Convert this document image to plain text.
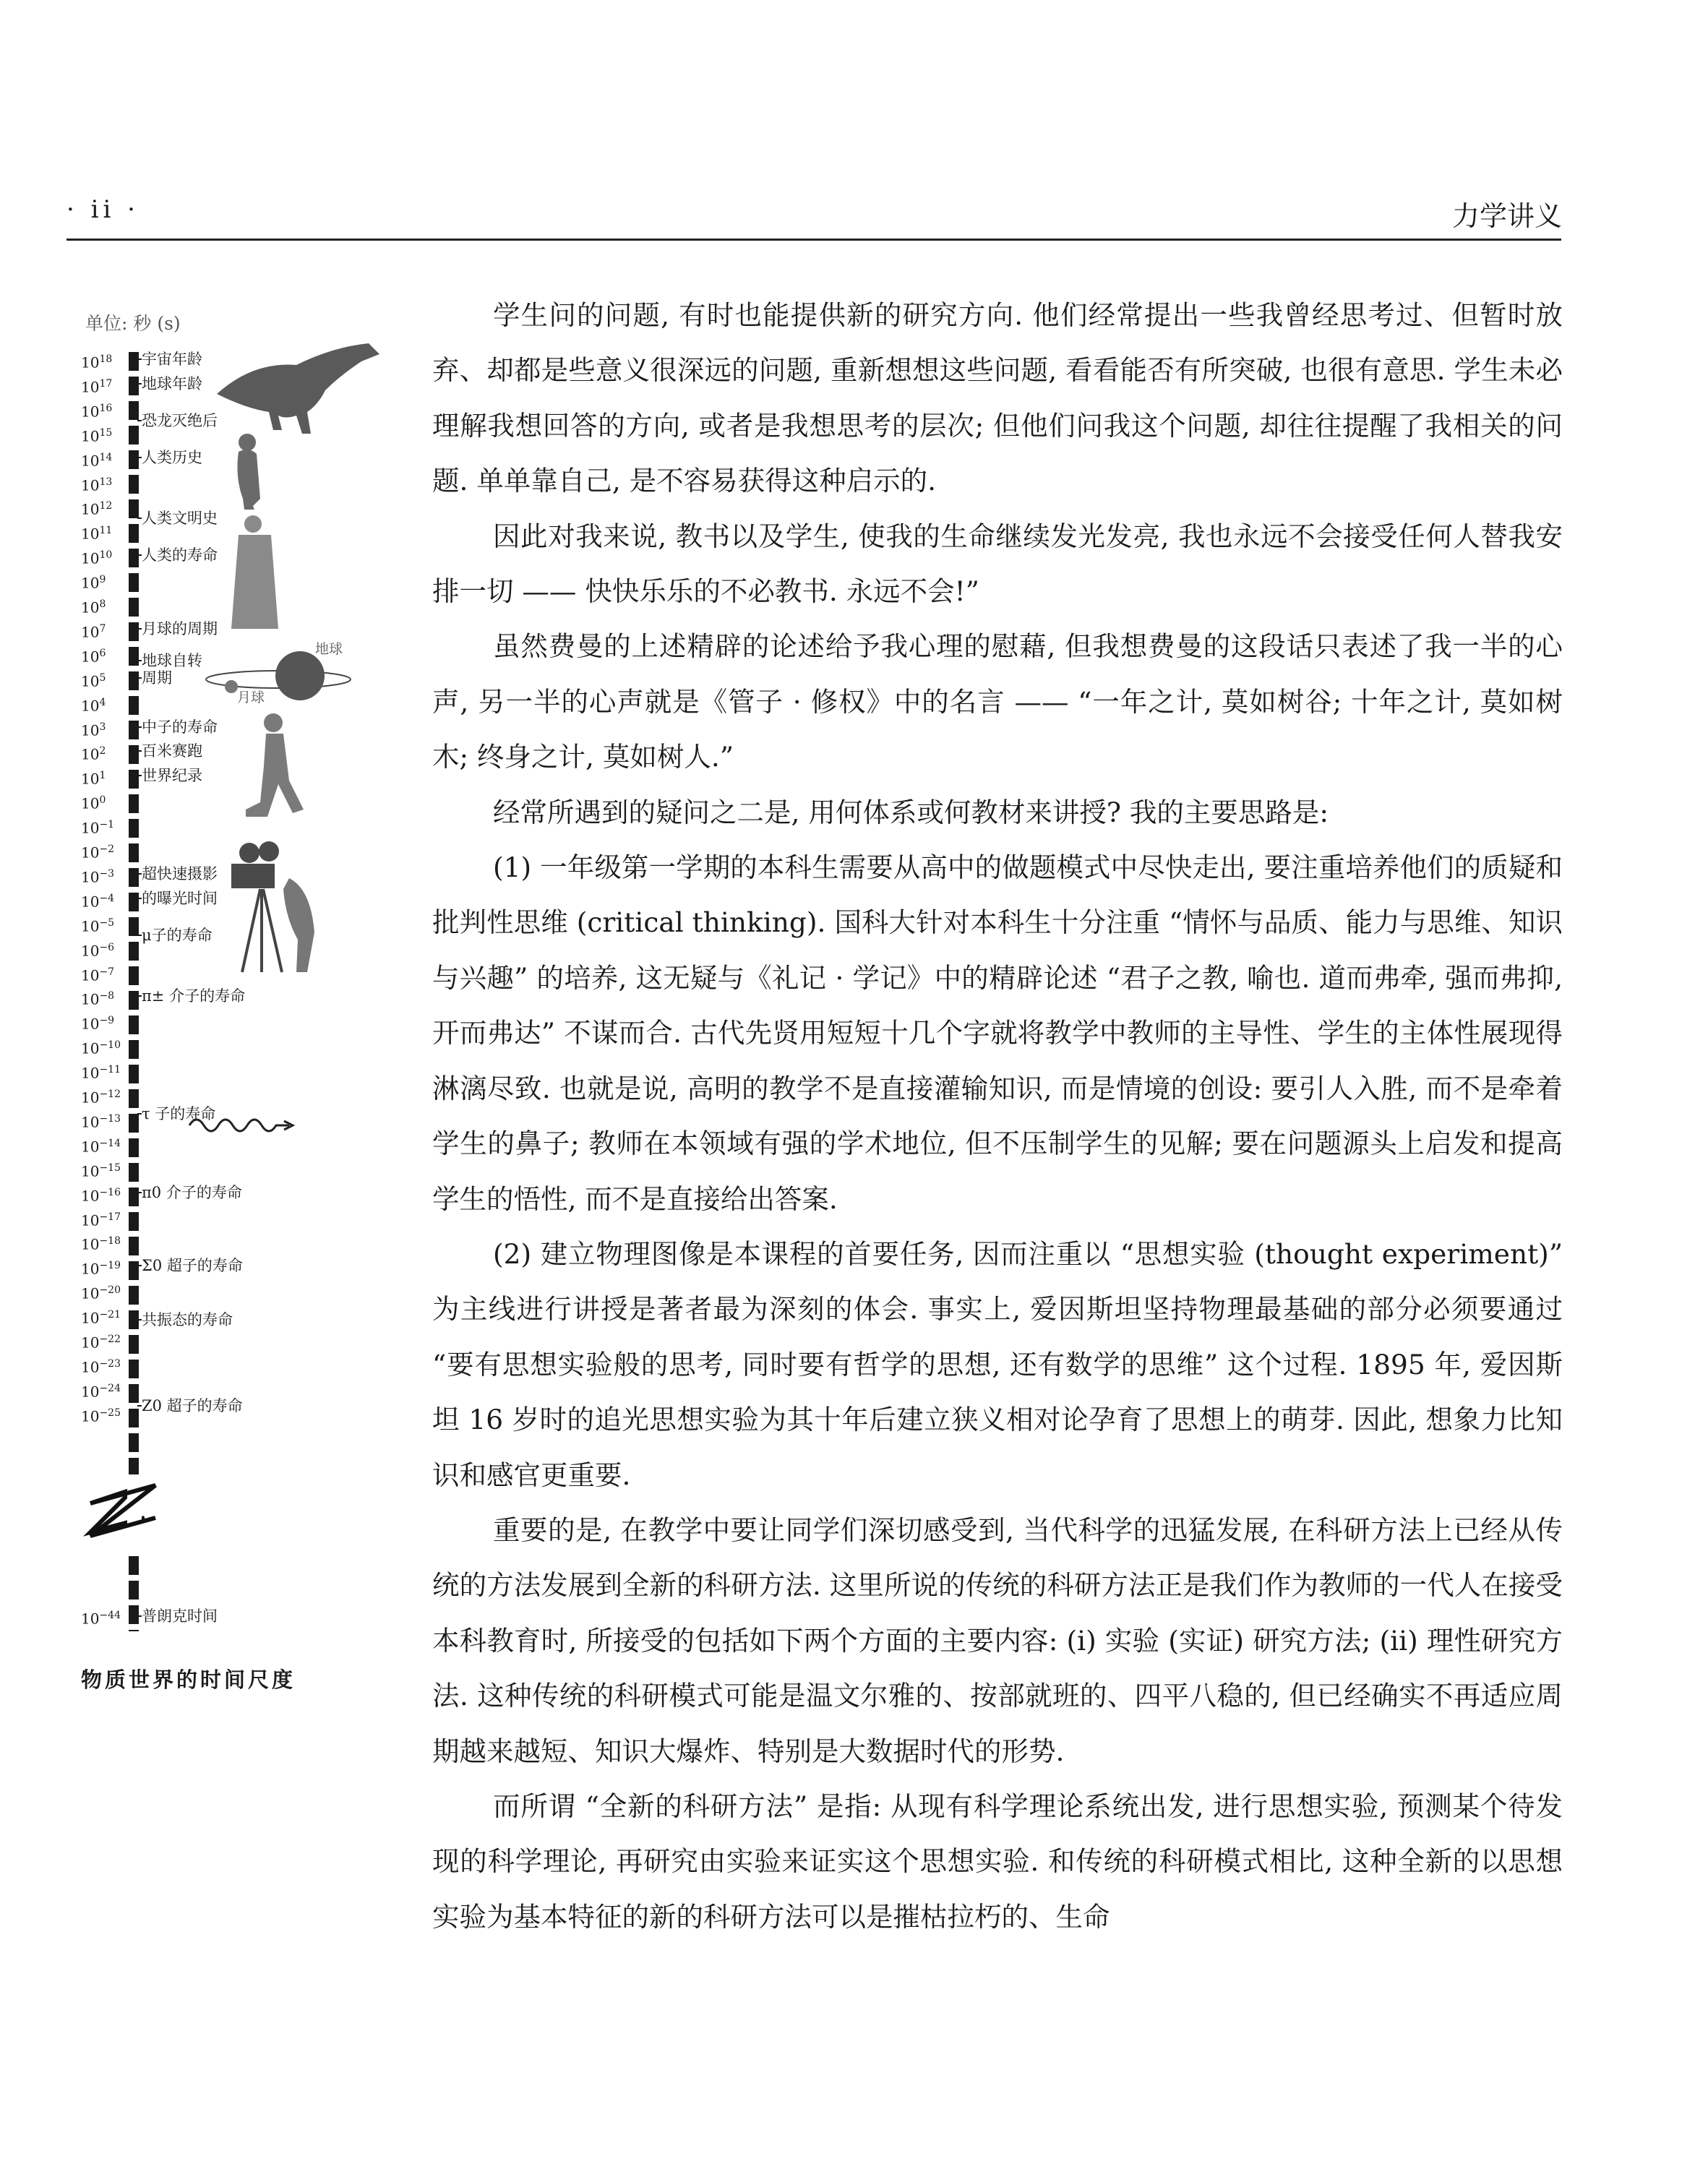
· ii ·	力学讲义
单位: 秒 (s)
$10^{18}$
$10^{17}$
$10^{16}$
$10^{15}$
$10^{14}$
$10^{13}$
$10^{12}$
$10^{11}$
$10^{10}$
$10^9$
$10^8$
$10^7$
$10^6$
$10^5$
$10^4$
$10^3$
$10^2$
$10^1$
$10^0$
$10^{-1}$
$10^{-2}$
$10^{-3}$
$10^{-4}$
$10^{-5}$
$10^{-6}$
$10^{-7}$
$10^{-8}$
$10^{-9}$
$10^{-10}$
$10^{-11}$
$10^{-12}$
$10^{-13}$
$10^{-14}$
$10^{-15}$
$10^{-16}$
$10^{-17}$
$10^{-18}$
$10^{-19}$
$10^{-20}$
$10^{-21}$
$10^{-22}$
$10^{-23}$
$10^{-24}$
$10^{-25}$
$10^{-44}$
宇宙年龄
地球年龄
恐龙灭绝后
人类历史
人类文明史
人类的寿命
月球的周期
地球自转
周期
中子的寿命
百米赛跑
世界纪录
超快速摄影
的曝光时间
μ子的寿命
π± 介子的寿命
τ 子的寿命
π0 介子的寿命
Σ0 超子的寿命
共振态的寿命
Z0 超子的寿命
普朗克时间
地球
月球
物质世界的时间尺度

学生问的问题, 有时也能提供新的研究方向. 他们经常提出一些我曾经思考过、但暂时放弃、却都是些意义很深远的问题, 重新想想这些问题, 看看能否有所突破, 也很有意思. 学生未必理解我想回答的方向, 或者是我想思考的层次; 但他们问我这个问题, 却往往提醒了我相关的问题. 单单靠自己, 是不容易获得这种启示的.

因此对我来说, 教书以及学生, 使我的生命继续发光发亮, 我也永远不会接受任何人替我安排一切 —— 快快乐乐的不必教书. 永远不会!”

虽然费曼的上述精辟的论述给予我心理的慰藉, 但我想费曼的这段话只表述了我一半的心声, 另一半的心声就是《管子 · 修权》中的名言 —— “一年之计, 莫如树谷; 十年之计, 莫如树木; 终身之计, 莫如树人.”

经常所遇到的疑问之二是, 用何体系或何教材来讲授? 我的主要思路是:

(1) 一年级第一学期的本科生需要从高中的做题模式中尽快走出, 要注重培养他们的质疑和批判性思维 (critical thinking). 国科大针对本科生十分注重 “情怀与品质、能力与思维、知识与兴趣” 的培养, 这无疑与《礼记 · 学记》中的精辟论述 “君子之教, 喻也. 道而弗牵, 强而弗抑, 开而弗达” 不谋而合. 古代先贤用短短十几个字就将教学中教师的主导性、学生的主体性展现得淋漓尽致. 也就是说, 高明的教学不是直接灌输知识, 而是情境的创设: 要引人入胜, 而不是牵着学生的鼻子; 教师在本领域有强的学术地位, 但不压制学生的见解; 要在问题源头上启发和提高学生的悟性, 而不是直接给出答案.

(2) 建立物理图像是本课程的首要任务, 因而注重以 “思想实验 (thought experiment)” 为主线进行讲授是著者最为深刻的体会. 事实上, 爱因斯坦坚持物理最基础的部分必须要通过 “要有思想实验般的思考, 同时要有哲学的思想, 还有数学的思维” 这个过程. 1895 年, 爱因斯坦 16 岁时的追光思想实验为其十年后建立狭义相对论孕育了思想上的萌芽. 因此, 想象力比知识和感官更重要.

重要的是, 在教学中要让同学们深切感受到, 当代科学的迅猛发展, 在科研方法上已经从传统的方法发展到全新的科研方法. 这里所说的传统的科研方法正是我们作为教师的一代人在接受本科教育时, 所接受的包括如下两个方面的主要内容: (i) 实验 (实证) 研究方法; (ii) 理性研究方法. 这种传统的科研模式可能是温文尔雅的、按部就班的、四平八稳的, 但已经确实不再适应周期越来越短、知识大爆炸、特别是大数据时代的形势.

而所谓 “全新的科研方法” 是指: 从现有科学理论系统出发, 进行思想实验, 预测某个待发现的科学理论, 再研究由实验来证实这个思想实验. 和传统的科研模式相比, 这种全新的以思想实验为基本特征的新的科研方法可以是摧枯拉朽的、生命
